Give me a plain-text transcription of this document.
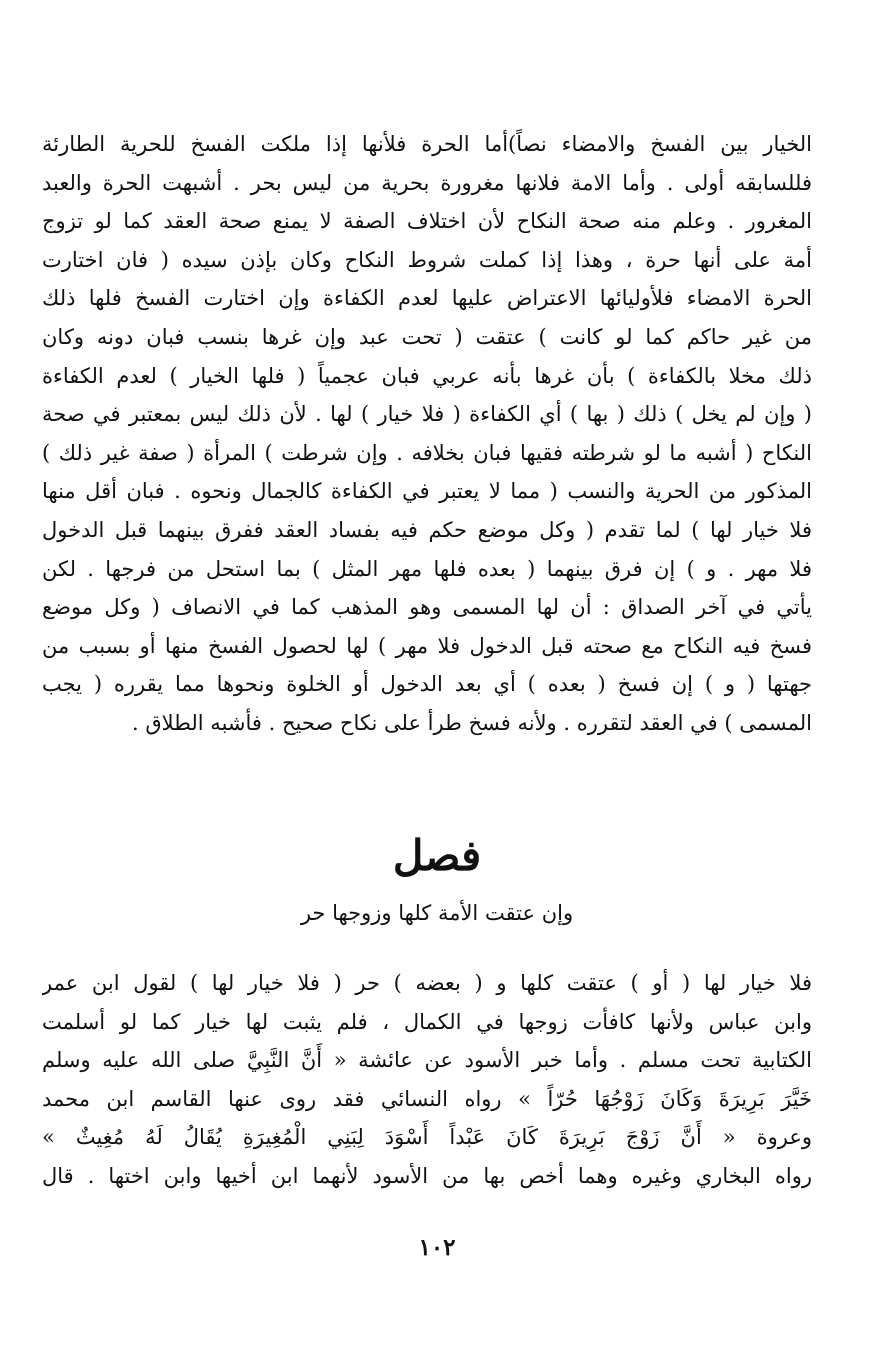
الخيار بين الفسخ والامضاء نصاً)أما الحرة فلأنها إذا ملكت الفسخ للحرية الطارئة
فللسابقه أولى . وأما الامة فلانها مغرورة بحرية من ليس بحر . أشبهت الحرة والعبد
المغرور . وعلم منه صحة النكاح لأن اختلاف الصفة لا يمنع صحة العقد كما لو تزوج
أمة على أنها حرة ، وهذا إذا كملت شروط النكاح وكان بإذن سيده ( فان اختارت
الحرة الامضاء فلأوليائها الاعتراض عليها لعدم الكفاءة وإن اختارت الفسخ فلها ذلك
من غير حاكم كما لو كانت ) عتقت ( تحت عبد وإن غرها بنسب فبان دونه وكان
ذلك مخلا بالكفاءة ) بأن غرها بأنه عربي فبان عجمياً ( فلها الخيار ) لعدم الكفاءة
( وإن لم يخل ) ذلك ( بها ) أي الكفاءة ( فلا خيار ) لها . لأن ذلك ليس بمعتبر في صحة
النكاح ( أشبه ما لو شرطته فقيها فبان بخلافه . وإن شرطت ) المرأة ( صفة غير ذلك )
المذكور من الحرية والنسب ( مما لا يعتبر في الكفاءة كالجمال ونحوه . فبان أقل منها
فلا خيار لها ) لما تقدم ( وكل موضع حكم فيه بفساد العقد ففرق بينهما قبل الدخول
فلا مهر . و ) إن فرق بينهما ( بعده فلها مهر المثل ) بما استحل من فرجها . لكن
يأتي في آخر الصداق : أن لها المسمى وهو المذهب كما في الانصاف ( وكل موضع
فسخ فيه النكاح مع صحته قبل الدخول فلا مهر ) لها لحصول الفسخ منها أو بسبب من
جهتها ( و ) إن فسخ ( بعده ) أي بعد الدخول أو الخلوة ونحوها مما يقرره ( يجب
المسمى ) في العقد لتقرره . ولأنه فسخ طرأ على نكاح صحيح . فأشبه الطلاق .
فصل
وإن عتقت الأمة كلها وزوجها حر
فلا خيار لها ( أو ) عتقت كلها و ( بعضه ) حر ( فلا خيار لها ) لقول ابن عمر
وابن عباس ولأنها كافأت زوجها في الكمال ، فلم يثبت لها خيار كما لو أسلمت
الكتابية تحت مسلم . وأما خبر الأسود عن عائشة « أَنَّ النَّبِيَّ صلى الله عليه وسلم
خَيَّرَ بَرِيرَةَ وَكَانَ زَوْجُهَا حُرّاً » رواه النسائي فقد روى عنها القاسم ابن محمد
وعروة « أَنَّ زَوْجَ بَرِيرَةَ كَانَ عَبْداً أَسْوَدَ لِبَنِي الْمُغِيرَةِ يُقَالُ لَهُ مُغِيثٌ »
رواه البخاري وغيره وهما أخص بها من الأسود لأنهما ابن أخيها وابن اختها . قال
١٠٢
